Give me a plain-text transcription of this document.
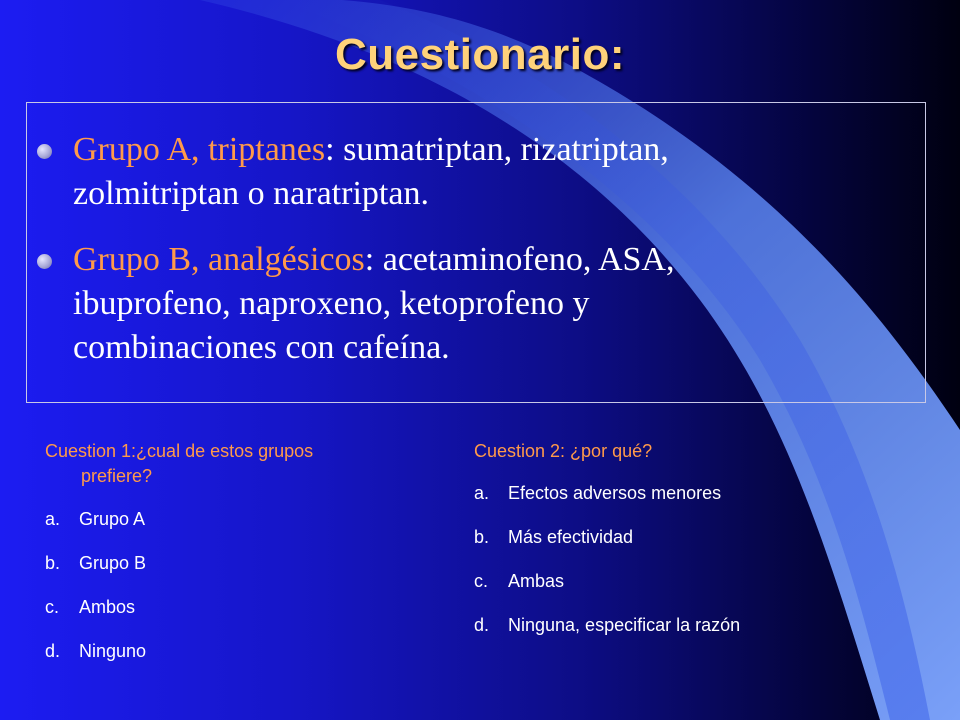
Cuestionario:
Grupo A, triptanes: sumatriptan, rizatriptan,
zolmitriptan o naratriptan.
Grupo B, analgésicos: acetaminofeno, ASA,
ibuprofeno, naproxeno, ketoprofeno y
combinaciones con cafeína.
Cuestion 1:¿cual de estos grupos
prefiere?
a. Grupo A
b. Grupo B
c. Ambos
d. Ninguno
Cuestion 2: ¿por qué?
a. Efectos adversos menores
b. Más efectividad
c. Ambas
d. Ninguna, especificar la razón
